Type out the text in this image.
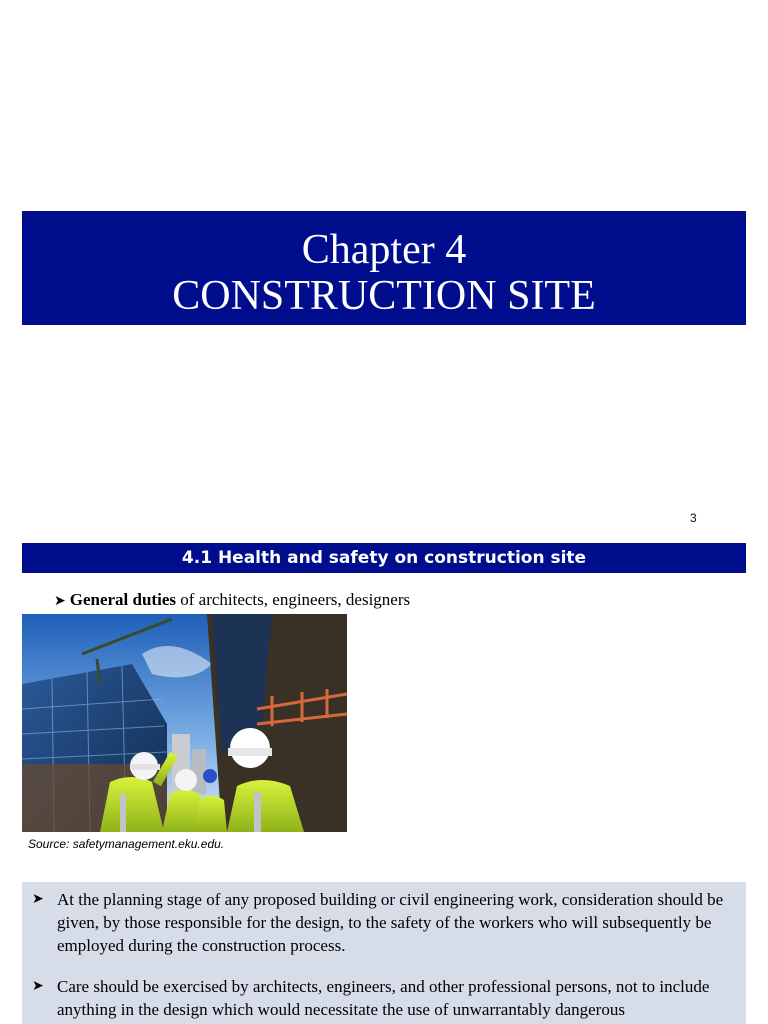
Chapter 4
CONSTRUCTION SITE
3
4.1 Health and safety on construction site
➤ General duties of architects, engineers, designers
Source: safetymanagement.eku.edu.
➤ At the planning stage of any proposed building or civil engineering work, consideration should be given, by those responsible for the design, to the safety of the workers who will subsequently be employed during the construction process.
➤ Care should be exercised by architects, engineers, and other professional persons, not to include anything in the design which would necessitate the use of unwarrantably dangerous
